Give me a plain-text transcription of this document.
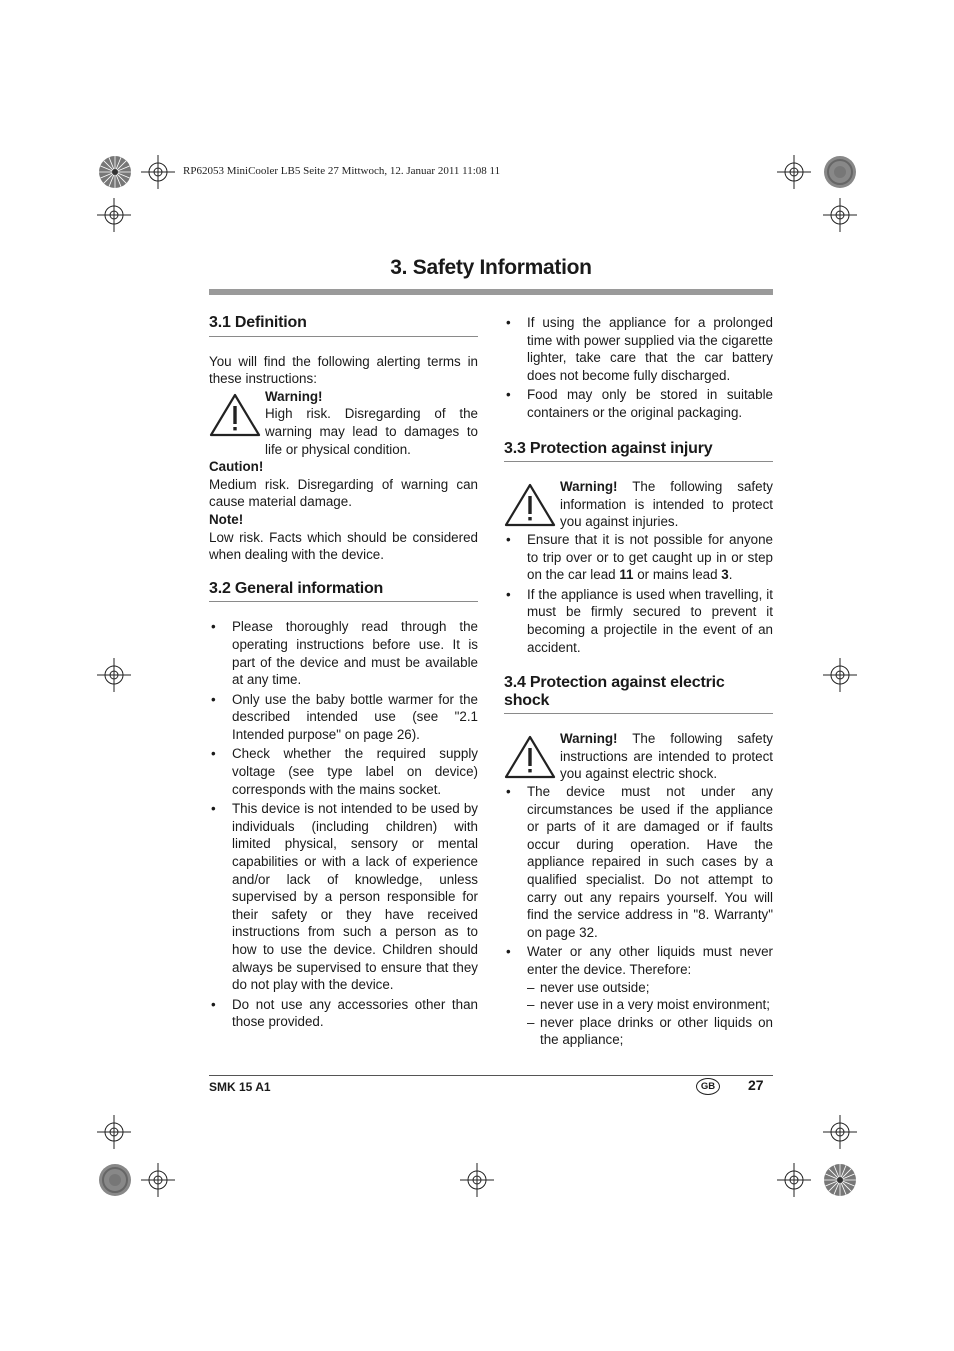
RP62053 MiniCooler LB5 Seite 27 Mittwoch, 12. Januar 2011 11:08 11
3. Safety Information
3.1 Definition

You will find the following alerting terms in these instructions:

Warning!

High risk. Disregarding of the warning may lead to damages to life or physical condition.

Caution!

Medium risk. Disregarding of warning can cause material damage.

Note!

Low risk. Facts which should be considered when dealing with the device.

3.2 General information
• Please thoroughly read through the operating instructions before use. It is part of the device and must be available at any time.
• Only use the baby bottle warmer for the described intended use (see "2.1 Intended purpose" on page 26).
• Check whether the required supply voltage (see type label on device) corresponds with the mains socket.
• This device is not intended to be used by individuals (including children) with limited physical, sensory or mental capabilities or with a lack of experience and/or lack of knowledge, unless supervised by a person responsible for their safety or they have received instructions from such a person as to how to use the device. Children should always be supervised to ensure that they do not play with the device.
• Do not use any accessories other than those provided.
• If using the appliance for a prolonged time with power supplied via the cigarette lighter, take care that the car battery does not become fully discharged.
• Food may only be stored in suitable containers or the original packaging.
3.3 Protection against injury

Warning! The following safety information is intended to protect you against injuries.

• Ensure that it is not possible for anyone to trip over or to get caught up in or step on the car lead 11 or mains lead 3.
• If the appliance is used when travelling, it must be firmly secured to prevent it becoming a projectile in the event of an accident.
3.4 Protection against electric shock

Warning! The following safety instructions are intended to protect you against electric shock.

• The device must not under any circumstances be used if the appliance or parts of it are damaged or if faults occur during operation. Have the appliance repaired in such cases by a qualified specialist. Do not attempt to carry out any repairs yourself. You will find the service address in "8. Warranty" on page 32.
• Water or any other liquids must never enter the device. Therefore:
– never use outside;
– never use in a very moist environment;
– never place drinks or other liquids on the appliance;
SMK 15 A1	GB	27
